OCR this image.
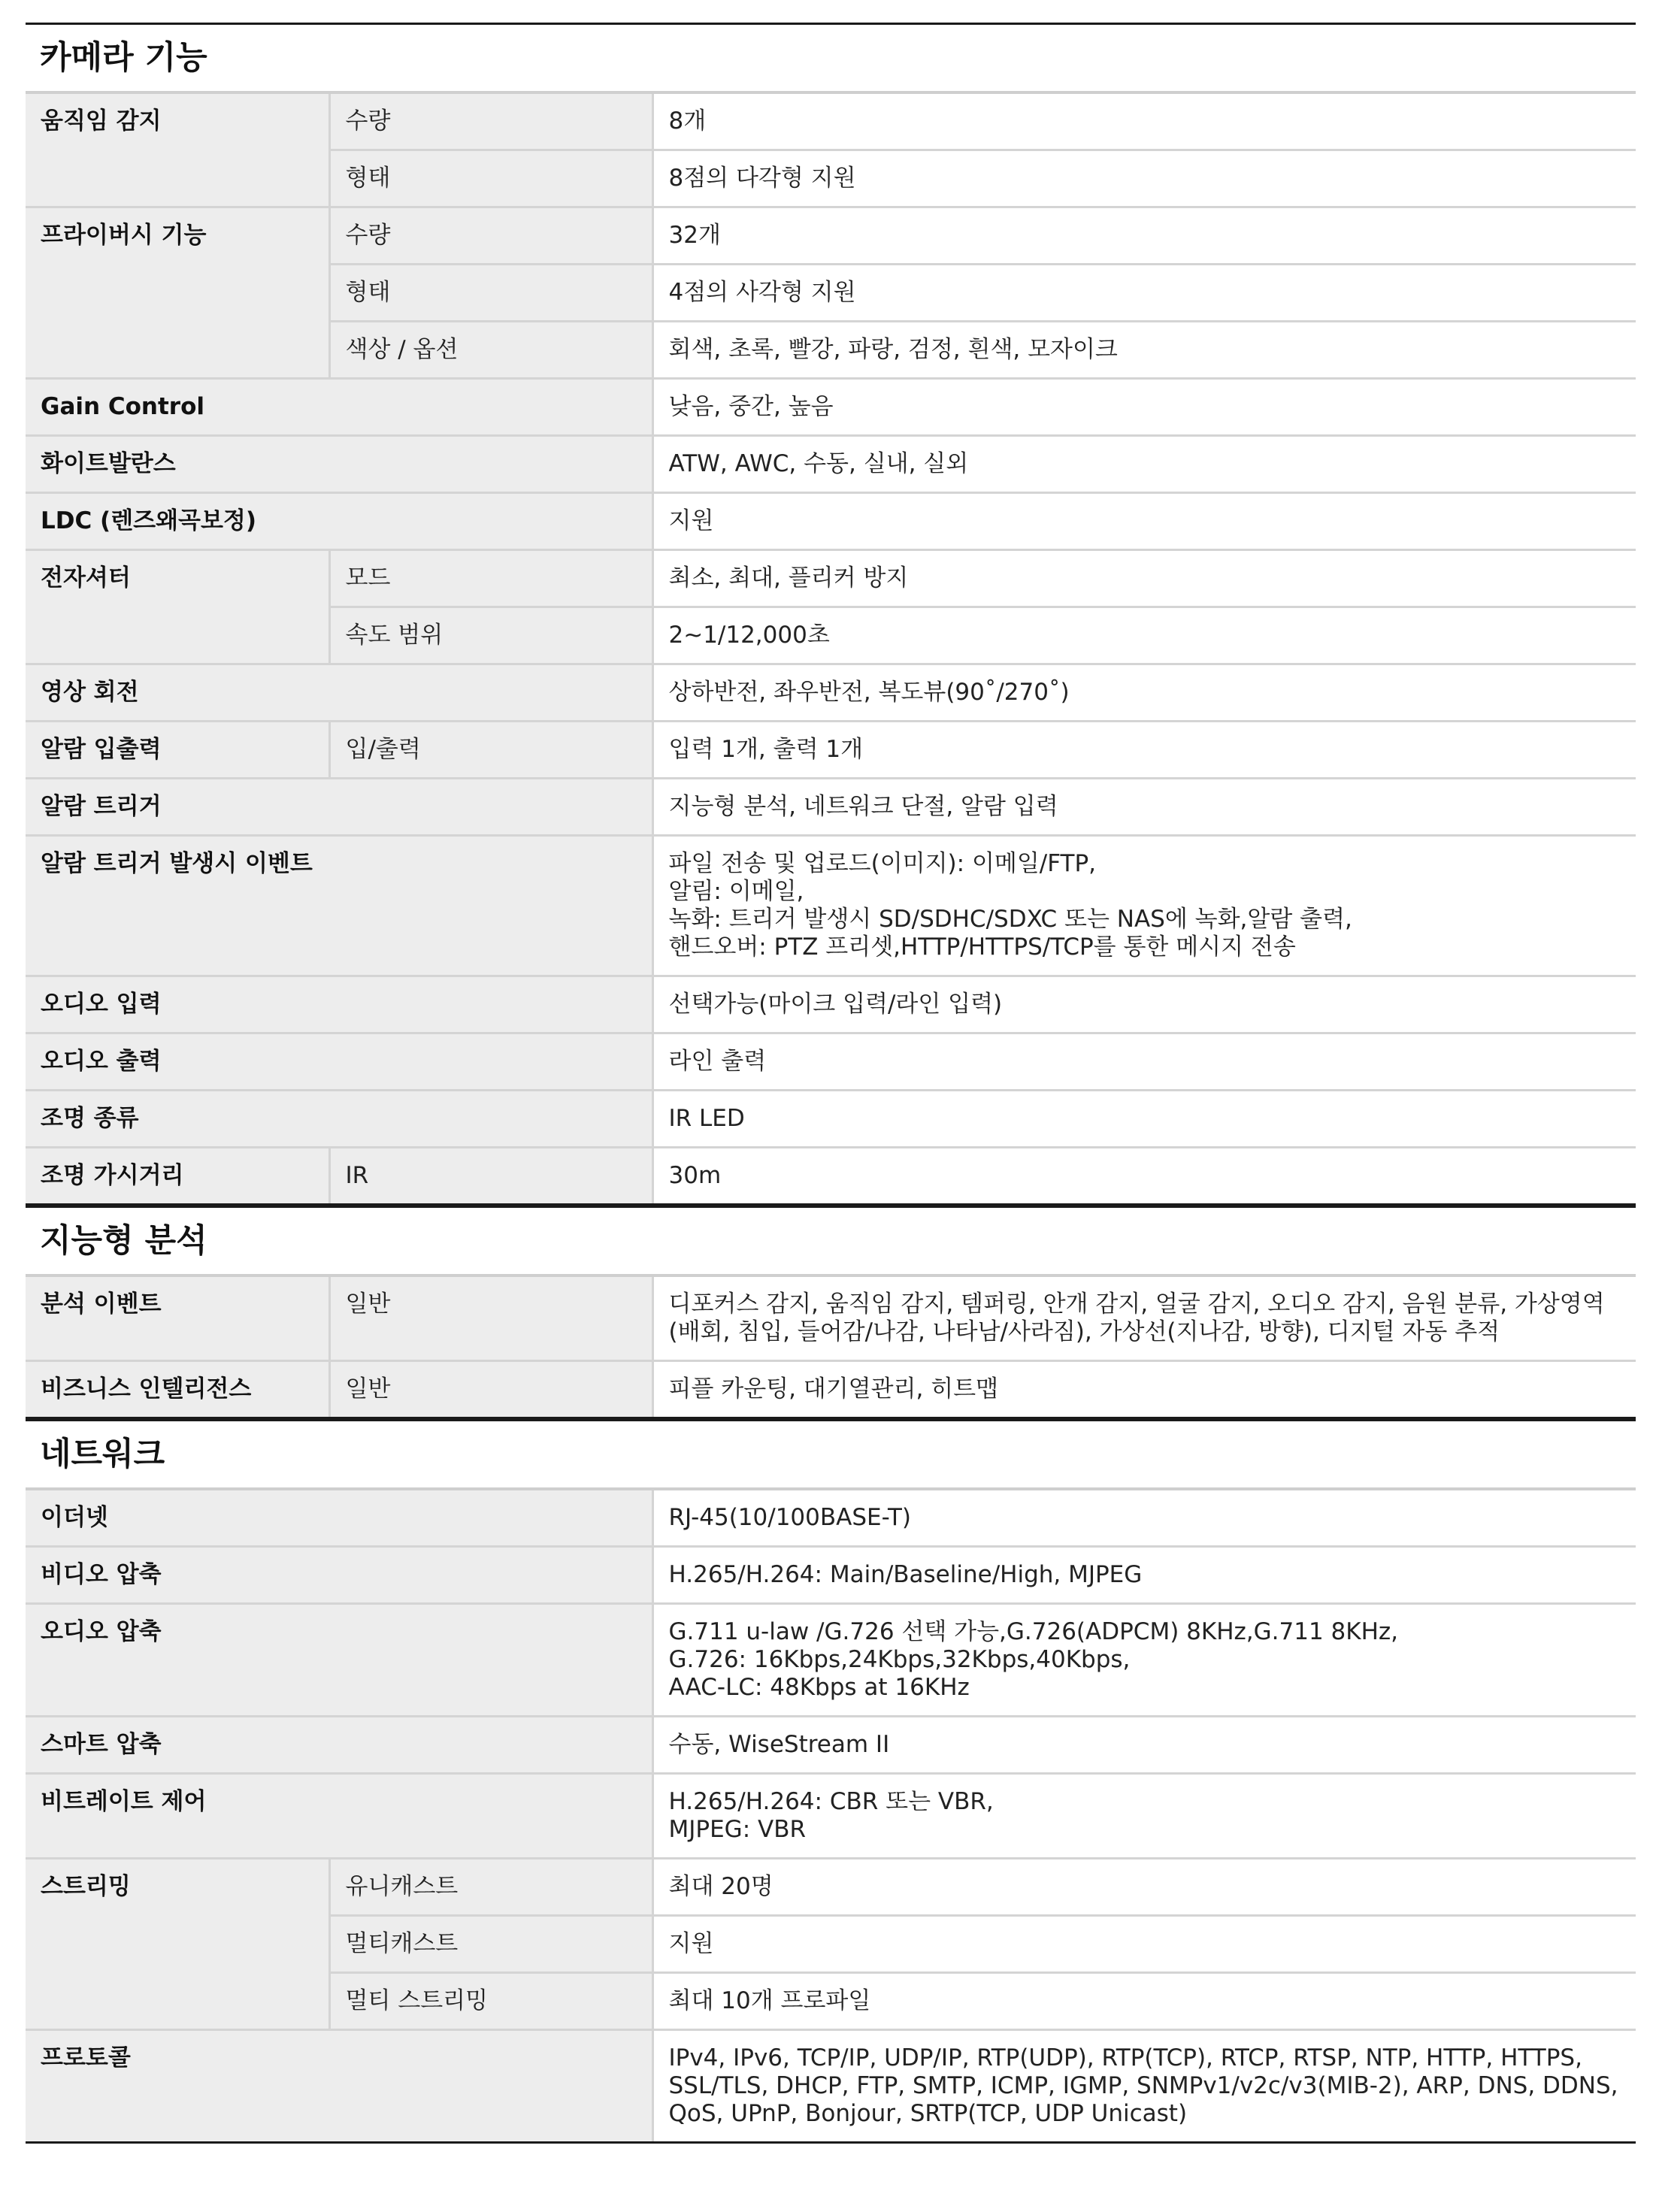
카메라 기능
움직임 감지	수량	8개
	형태	8점의 다각형 지원
프라이버시 기능	수량	32개
	형태	4점의 사각형 지원
	색상 / 옵션	회색, 초록, 빨강, 파랑, 검정, 흰색, 모자이크
Gain Control		낮음, 중간, 높음
화이트발란스		ATW, AWC, 수동, 실내, 실외
LDC (렌즈왜곡보정)		지원
전자셔터	모드	최소, 최대, 플리커 방지
	속도 범위	2~1/12,000초
영상 회전		상하반전, 좌우반전, 복도뷰(90˚/270˚)
알람 입출력	입/출력	입력 1개, 출력 1개
알람 트리거		지능형 분석, 네트워크 단절, 알람 입력
알람 트리거 발생시 이벤트		파일 전송 및 업로드(이미지): 이메일/FTP,
알림: 이메일,
녹화: 트리거 발생시 SD/SDHC/SDXC 또는 NAS에 녹화,알람 출력,
핸드오버: PTZ 프리셋,HTTP/HTTPS/TCP를 통한 메시지 전송
오디오 입력		선택가능(마이크 입력/라인 입력)
오디오 출력		라인 출력
조명 종류		IR LED
조명 가시거리	IR	30m
지능형 분석
분석 이벤트	일반	디포커스 감지, 움직임 감지, 템퍼링, 안개 감지, 얼굴 감지, 오디오 감지, 음원 분류, 가상영역(배회, 침입, 들어감/나감, 나타남/사라짐), 가상선(지나감, 방향), 디지털 자동 추적
비즈니스 인텔리전스	일반	피플 카운팅, 대기열관리, 히트맵
네트워크
이더넷		RJ-45(10/100BASE-T)
비디오 압축		H.265/H.264: Main/Baseline/High, MJPEG
오디오 압축		G.711 u-law /G.726 선택 가능,G.726(ADPCM) 8KHz,G.711 8KHz,
G.726: 16Kbps,24Kbps,32Kbps,40Kbps,
AAC-LC: 48Kbps at 16KHz
스마트 압축		수동, WiseStream II
비트레이트 제어		H.265/H.264: CBR 또는 VBR,
MJPEG: VBR
스트리밍	유니캐스트	최대 20명
	멀티캐스트	지원
	멀티 스트리밍	최대 10개 프로파일
프로토콜		IPv4, IPv6, TCP/IP, UDP/IP, RTP(UDP), RTP(TCP), RTCP, RTSP, NTP, HTTP, HTTPS, SSL/TLS, DHCP, FTP, SMTP, ICMP, IGMP, SNMPv1/v2c/v3(MIB-2), ARP, DNS, DDNS, QoS, UPnP, Bonjour, SRTP(TCP, UDP Unicast)
